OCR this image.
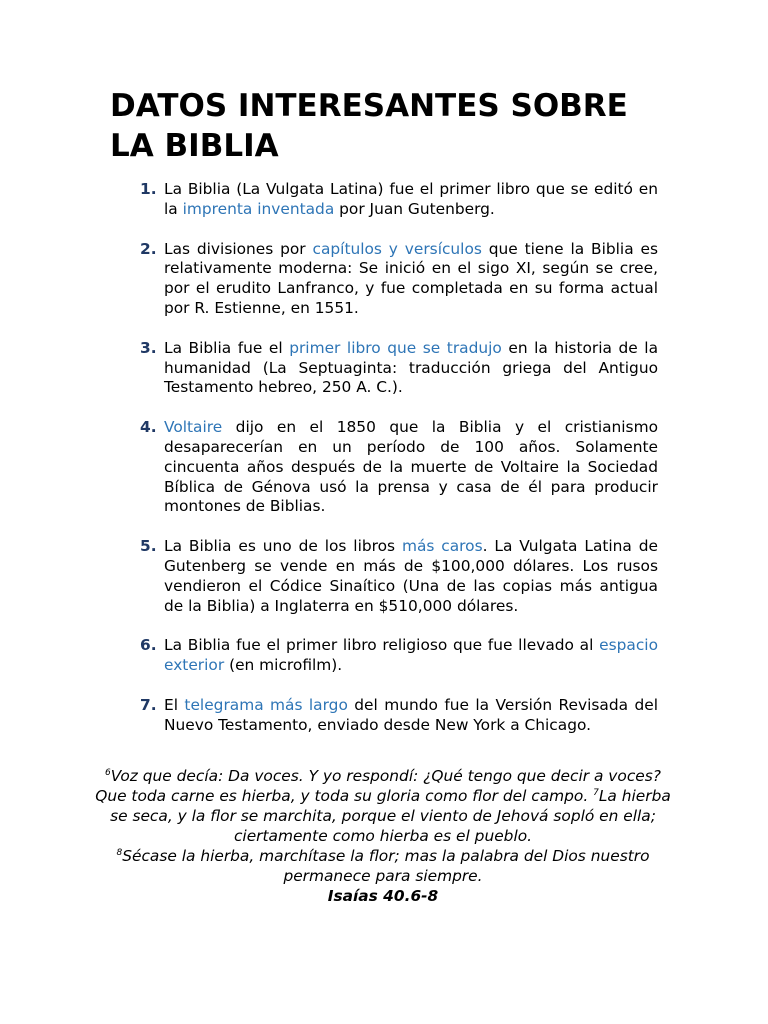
DATOS INTERESANTES SOBRE LA BIBLIA
1. La Biblia (La Vulgata Latina) fue el primer libro que se editó en la imprenta inventada por Juan Gutenberg.
2. Las divisiones por capítulos y versículos que tiene la Biblia es relativamente moderna: Se inició en el sigo XI, según se cree, por el erudito Lanfranco, y fue completada en su forma actual por R. Estienne, en 1551.
3. La Biblia fue el primer libro que se tradujo en la historia de la humanidad (La Septuaginta: traducción griega del Antiguo Testamento hebreo, 250 A. C.).
4. Voltaire dijo en el 1850 que la Biblia y el cristianismo desaparecerían en un período de 100 años. Solamente cincuenta años después de la muerte de Voltaire la Sociedad Bíblica de Génova usó la prensa y casa de él para producir montones de Biblias.
5. La Biblia es uno de los libros más caros. La Vulgata Latina de Gutenberg se vende en más de $100,000 dólares. Los rusos vendieron el Códice Sinaítico (Una de las copias más antigua de la Biblia) a Inglaterra en $510,000 dólares.
6. La Biblia fue el primer libro religioso que fue llevado al espacio exterior (en microfilm).
7. El telegrama más largo del mundo fue la Versión Revisada del Nuevo Testamento, enviado desde New York a Chicago.
$^6$Voz que decía: Da voces. Y yo respondí: ¿Qué tengo que decir a voces? Que toda carne es hierba, y toda su gloria como flor del campo. $^7$La hierba se seca, y la flor se marchita, porque el viento de Jehová sopló en ella; ciertamente como hierba es el pueblo.
$^8$Sécase la hierba, marchítase la flor; mas la palabra del Dios nuestro permanece para siempre.
Isaías 40.6-8
